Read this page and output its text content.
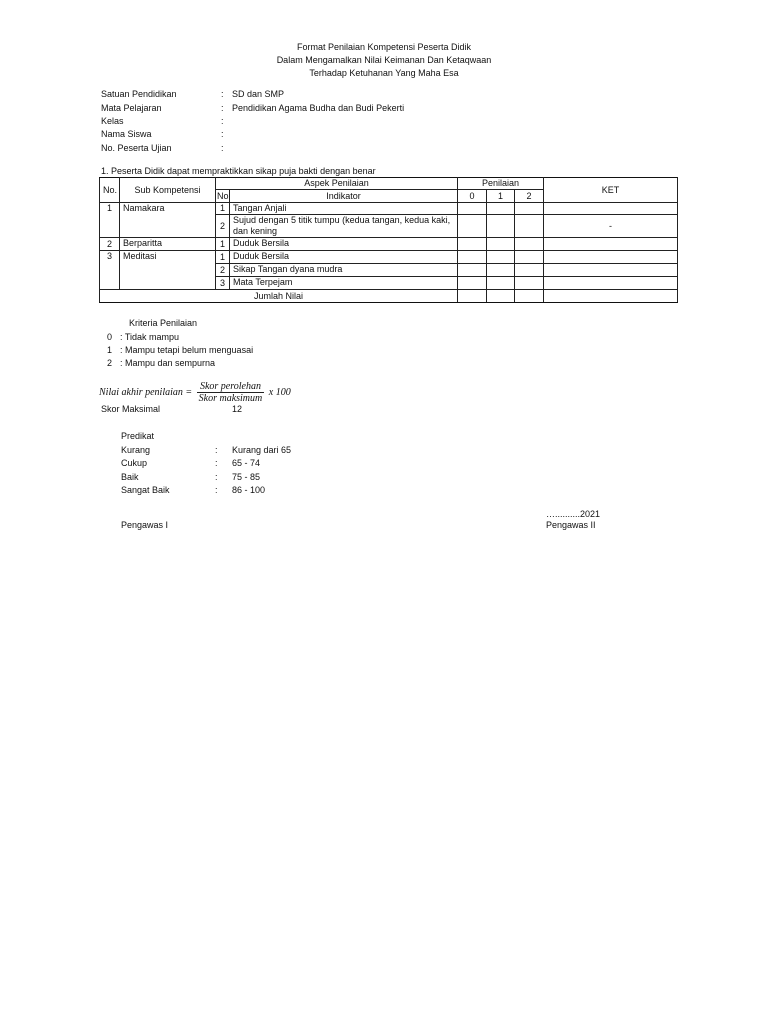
Format Penilaian Kompetensi Peserta Didik
Dalam Mengamalkan Nilai Keimanan Dan Ketaqwaan
Terhadap Ketuhanan Yang Maha Esa
Satuan Pendidikan	: SD dan SMP
Mata Pelajaran	: Pendidikan Agama Budha dan Budi Pekerti
Kelas	:
Nama Siswa	:
No. Peserta Ujian	:
1. Peserta Didik dapat mempraktikkan sikap puja bakti dengan benar
No.	Sub Kompetensi	Aspek Penilaian		Penilaian			KET
		No	Indikator	0	1	2	
1	Namakara	1	Tangan Anjali				
		2	Sujud dengan 5 titik tumpu (kedua tangan, kedua kaki, dan kening				-
2	Berparitta	1	Duduk Bersila				
3	Meditasi	1	Duduk Bersila				
		2	Sikap Tangan dyana mudra				
		3	Mata Terpejam				
Jumlah Nilai							
Kriteria Penilaian
0 : Tidak mampu
1 : Mampu tetapi belum menguasai
2 : Mampu dan sempurna
Nilai akhir penilaian = $\frac{\text{Skor perolehan}}{\text{Skor maksimum}}$ x 100
Skor Maksimal	12
Predikat
Kurang	: Kurang dari 65
Cukup	: 65 - 74
Baik	: 75 - 85
Sangat Baik	: 86 - 100
…..........2021
Pengawas I	Pengawas II
